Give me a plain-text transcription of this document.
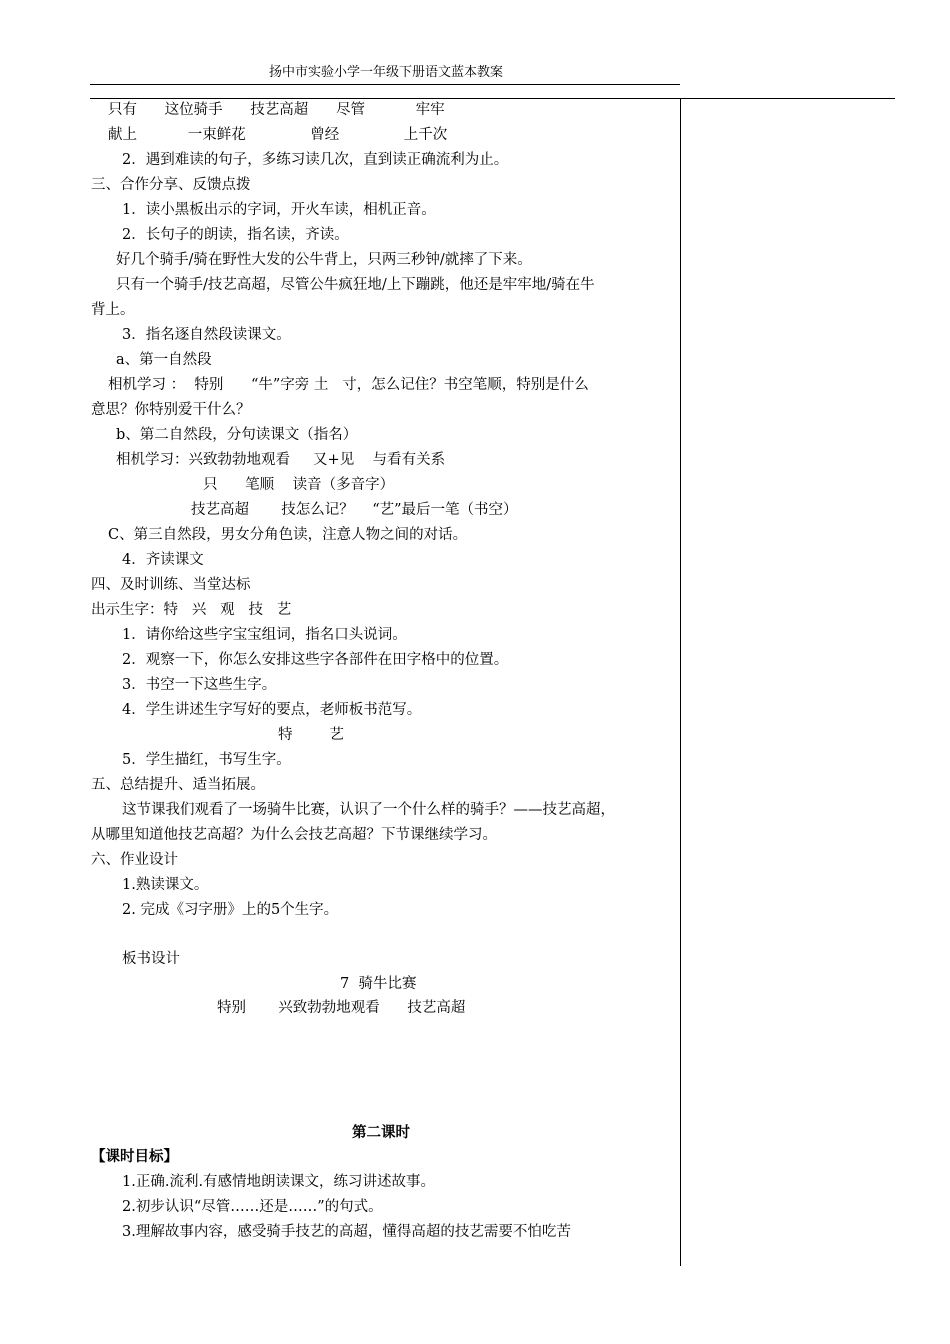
扬中市实验小学一年级下册语文蓝本教案
只有      这位骑手      技艺高超      尽管           牢牢
献上           一束鲜花              曾经              上千次
2．遇到难读的句子，多练习读几次，直到读正确流利为止。
三、合作分享、反馈点拨
1．读小黑板出示的字词，开火车读，相机正音。
2．长句子的朗读，指名读，齐读。
好几个骑手/骑在野性大发的公牛背上，只两三秒钟/就摔了下来。
只有一个骑手/技艺高超，尽管公牛疯狂地/上下蹦跳，他还是牢牢地/骑在牛
背上。
3．指名逐自然段读课文。
a、第一自然段
相机学习 ：  特别      “牛”字旁 土   寸，怎么记住？书空笔顺，特别是什么
意思？你特别爱干什么？
b、第二自然段，分句读课文（指名）
相机学习：兴致勃勃地观看     又+见    与看有关系
只      笔顺    读音（多音字）
技艺高超       技怎么记？    “艺”最后一笔（书空）
C、第三自然段，男女分角色读，注意人物之间的对话。
4．齐读课文
四、及时训练、当堂达标
出示生字：特   兴   观   技   艺
1．请你给这些字宝宝组词，指名口头说词。
2．观察一下，你怎么安排这些字各部件在田字格中的位置。
3．书空一下这些生字。
4．学生讲述生字写好的要点，老师板书范写。
特        艺
5．学生描红，书写生字。
五、总结提升、适当拓展。
这节课我们观看了一场骑牛比赛，认识了一个什么样的骑手？——技艺高超，
从哪里知道他技艺高超？为什么会技艺高超？下节课继续学习。
六、作业设计
1.熟读课文。
2. 完成《习字册》上的5个生字。
板书设计
7  骑牛比赛
特别       兴致勃勃地观看      技艺高超
第二课时
【课时目标】
1.正确.流利.有感情地朗读课文，练习讲述故事。
2.初步认识“尽管……还是……”的句式。
3.理解故事内容，感受骑手技艺的高超，懂得高超的技艺需要不怕吃苦
